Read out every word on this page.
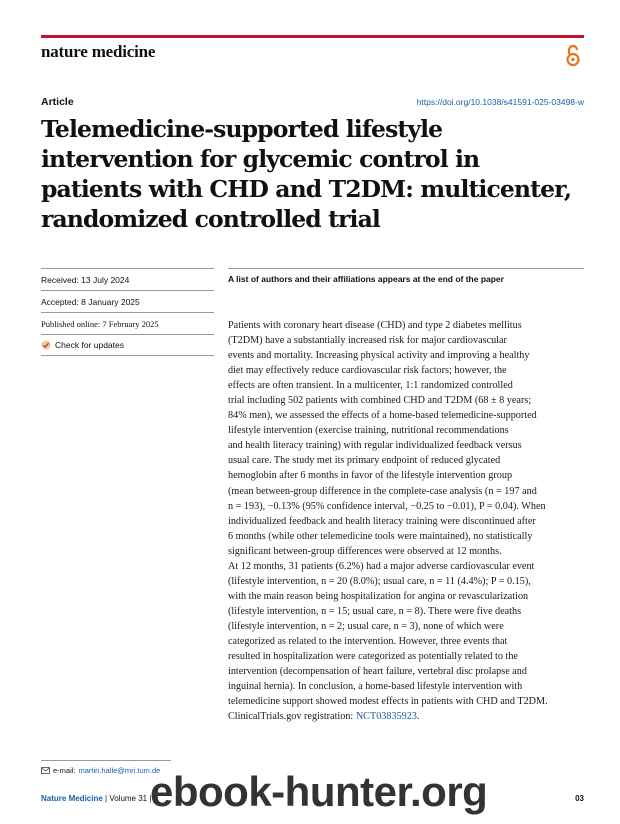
nature medicine
Article	https://doi.org/10.1038/s41591-025-03498-w
Telemedicine-supported lifestyle
intervention for glycemic control in
patients with CHD and T2DM: multicenter,
randomized controlled trial
Received: 13 July 2024
Accepted: 8 January 2025
Published online: 7 February 2025
Check for updates
A list of authors and their affiliations appears at the end of the paper
Patients with coronary heart disease (CHD) and type 2 diabetes mellitus
(T2DM) have a substantially increased risk for major cardiovascular
events and mortality. Increasing physical activity and improving a healthy
diet may effectively reduce cardiovascular risk factors; however, the
effects are often transient. In a multicenter, 1:1 randomized controlled
trial including 502 patients with combined CHD and T2DM (68 ± 8 years;
84% men), we assessed the effects of a home-based telemedicine-supported
lifestyle intervention (exercise training, nutritional recommendations
and health literacy training) with regular individualized feedback versus
usual care. The study met its primary endpoint of reduced glycated
hemoglobin after 6 months in favor of the lifestyle intervention group
(mean between-group difference in the complete-case analysis (n = 197 and
n = 193), −0.13% (95% confidence interval, −0.25 to −0.01), P = 0.04). When
individualized feedback and health literacy training were discontinued after
6 months (while other telemedicine tools were maintained), no statistically
significant between-group differences were observed at 12 months.
At 12 months, 31 patients (6.2%) had a major adverse cardiovascular event
(lifestyle intervention, n = 20 (8.0%); usual care, n = 11 (4.4%); P = 0.15),
with the main reason being hospitalization for angina or revascularization
(lifestyle intervention, n = 15; usual care, n = 8). There were five deaths
(lifestyle intervention, n = 2; usual care, n = 3), none of which were
categorized as related to the intervention. However, three events that
resulted in hospitalization were categorized as potentially related to the
intervention (decompensation of heart failure, vertebral disc prolapse and
inguinal hernia). In conclusion, a home-based lifestyle intervention with
telemedicine support showed modest effects in patients with CHD and T2DM.
ClinicalTrials.gov registration: NCT03835923.
e-mail: martin.halle@mri.tum.de
Nature Medicine | Volume 31 |	03
ebook-hunter.org
